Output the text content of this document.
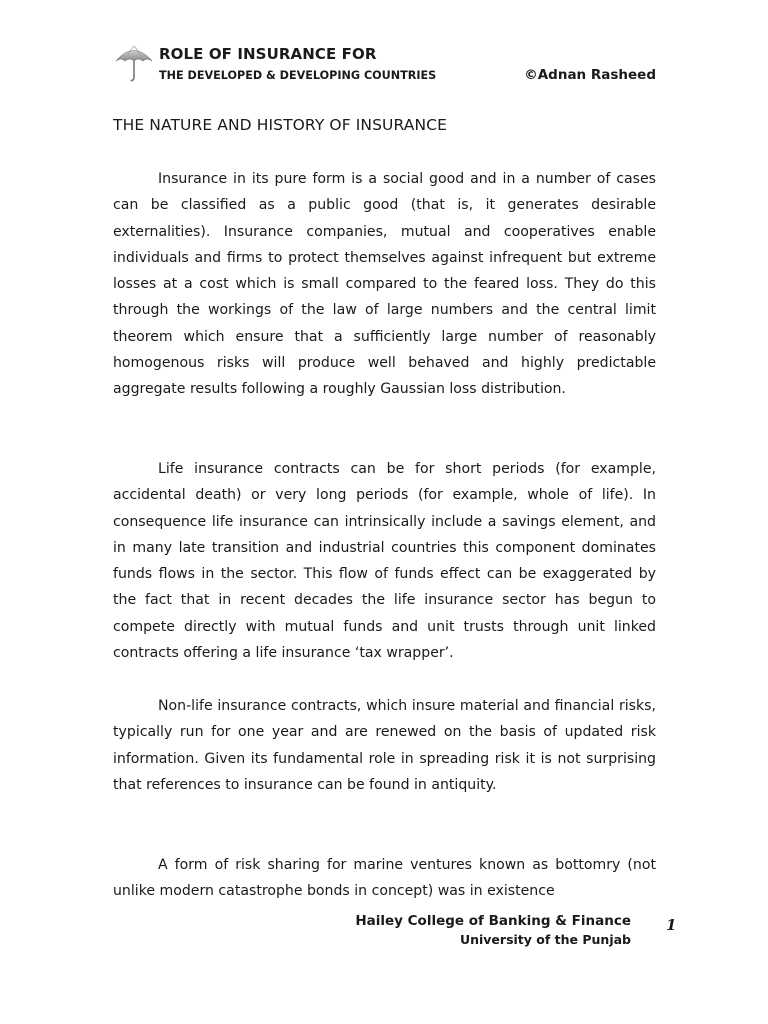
ROLE OF INSURANCE FOR
THE DEVELOPED & DEVELOPING COUNTRIES	©Adnan Rasheed
THE NATURE AND HISTORY OF INSURANCE

Insurance in its pure form is a social good and in a number of cases can be classified as a public good (that is, it generates desirable externalities). Insurance companies, mutual and cooperatives enable individuals and firms to protect themselves against infrequent but extreme losses at a cost which is small compared to the feared loss. They do this through the workings of the law of large numbers and the central limit theorem which ensure that a sufficiently large number of reasonably homogenous risks will produce well behaved and highly predictable aggregate results following a roughly Gaussian loss distribution.

Life insurance contracts can be for short periods (for example, accidental death) or very long periods (for example, whole of life). In consequence life insurance can intrinsically include a savings element, and in many late transition and industrial countries this component dominates funds flows in the sector. This flow of funds effect can be exaggerated by the fact that in recent decades the life insurance sector has begun to compete directly with mutual funds and unit trusts through unit linked contracts offering a life insurance ‘tax wrapper’.

Non-life insurance contracts, which insure material and financial risks, typically run for one year and are renewed on the basis of updated risk information. Given its fundamental role in spreading risk it is not surprising that references to insurance can be found in antiquity.

A form of risk sharing for marine ventures known as bottomry (not unlike modern catastrophe bonds in concept) was in existence

Hailey College of Banking & Finance
University of the Punjab
1
